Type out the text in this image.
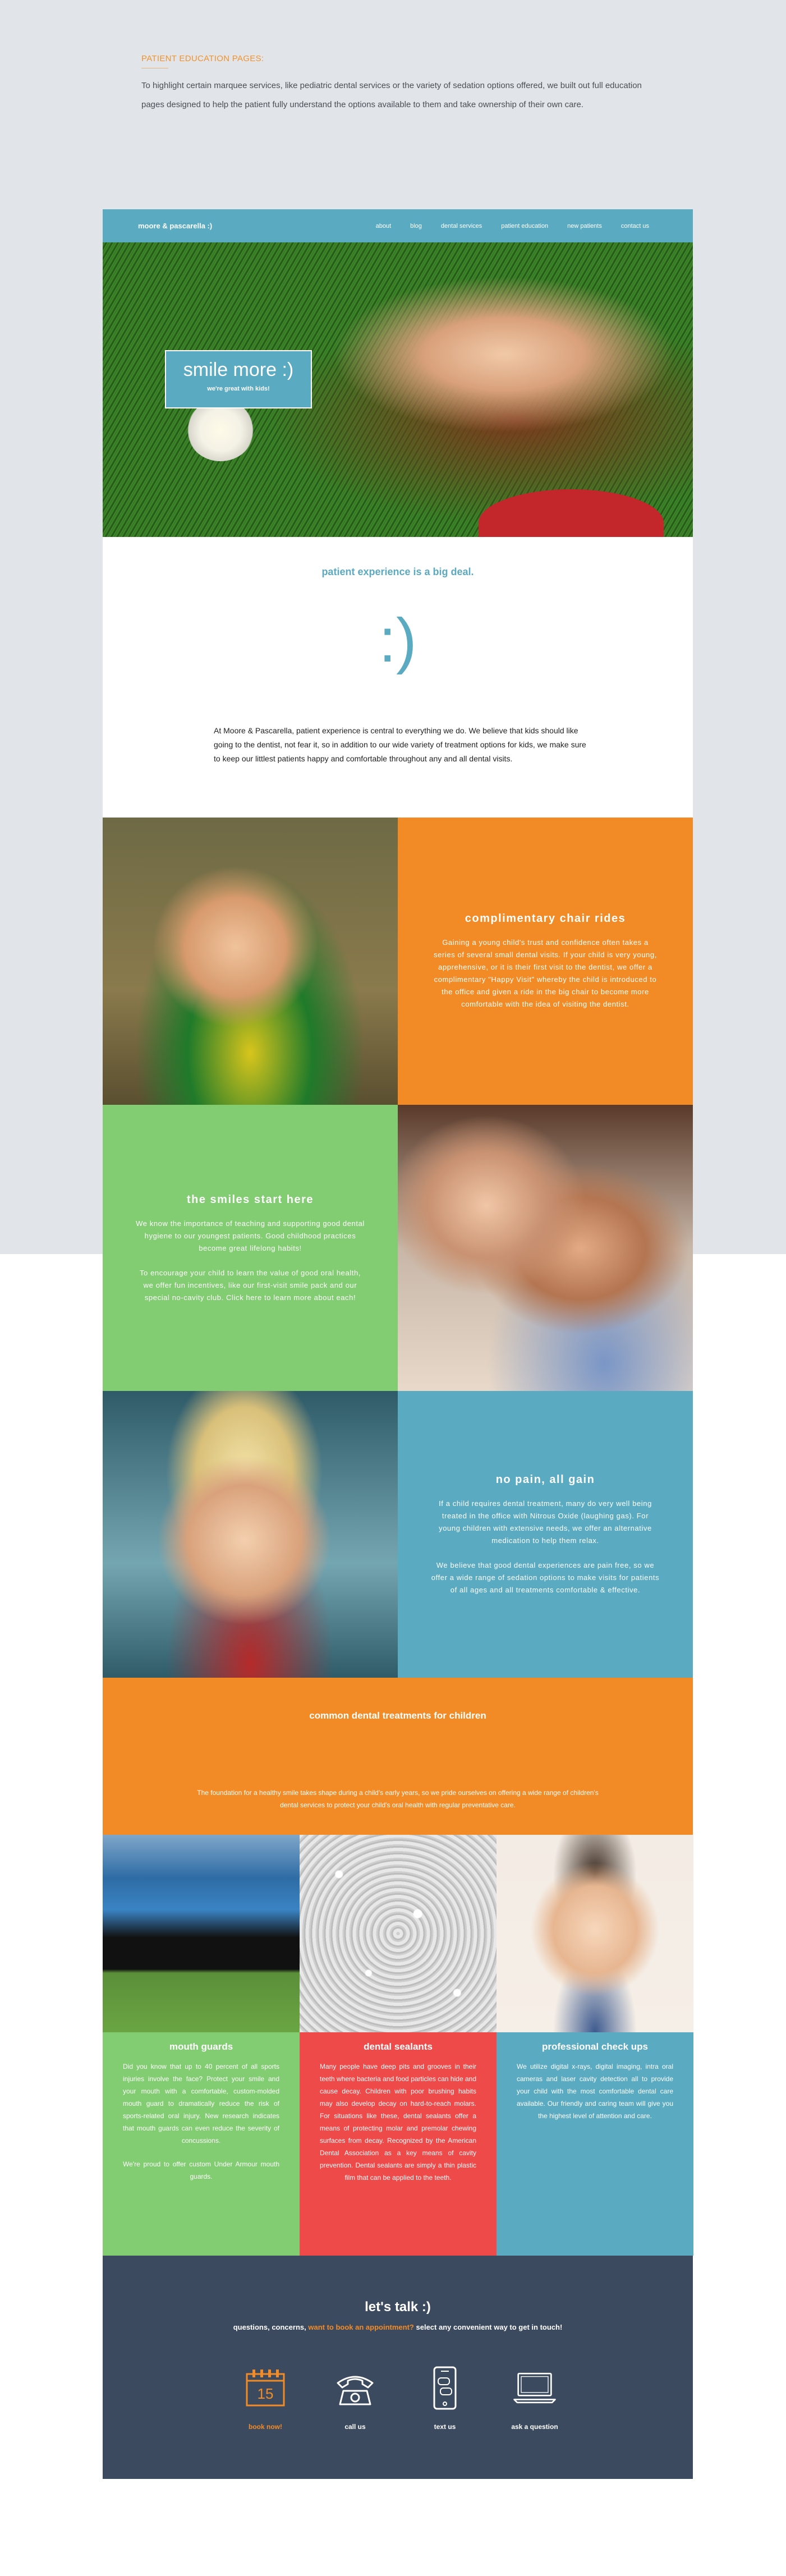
PATIENT EDUCATION PAGES:

To highlight certain marquee services, like pediatric dental services or the variety of sedation options offered, we built out full education pages designed to help the patient fully understand the options available to them and take ownership of their own care.

moore & pascarella :)	about	blog	dental services	patient education	new patients	contact us
smile more :)
we're great with kids!
patient experience is a big deal.
:)

At Moore & Pascarella, patient experience is central to everything we do. We believe that kids should like going to the dentist, not fear it, so in addition to our wide variety of treatment options for kids, we make sure to keep our littlest patients happy and comfortable throughout any and all dental visits.

complimentary chair rides

Gaining a young child's trust and confidence often takes a series of several small dental visits. If your child is very young, apprehensive, or it is their first visit to the dentist, we offer a complimentary "Happy Visit" whereby the child is introduced to the office and given a ride in the big chair to become more comfortable with the idea of visiting the dentist.

the smiles start here

We know the importance of teaching and supporting good dental hygiene to our youngest patients. Good childhood practices become great lifelong habits!

To encourage your child to learn the value of good oral health, we offer fun incentives, like our first-visit smile pack and our special no-cavity club. Click here to learn more about each!

no pain, all gain

If a child requires dental treatment, many do very well being treated in the office with Nitrous Oxide (laughing gas). For young children with extensive needs, we offer an alternative medication to help them relax.

We believe that good dental experiences are pain free, so we offer a wide range of sedation options to make visits for patients of all ages and all treatments comfortable & effective.

common dental treatments for children

The foundation for a healthy smile takes shape during a child's early years, so we pride ourselves on offering a wide range of children's dental services to protect your child's oral health with regular preventative care.

mouth guards

Did you know that up to 40 percent of all sports injuries involve the face? Protect your smile and your mouth with a comfortable, custom-molded mouth guard to dramatically reduce the risk of sports-related oral injury. New research indicates that mouth guards can even reduce the severity of concussions.

We're proud to offer custom Under Armour mouth guards.

dental sealants

Many people have deep pits and grooves in their teeth where bacteria and food particles can hide and cause decay. Children with poor brushing habits may also develop decay on hard-to-reach molars. For situations like these, dental sealants offer a means of protecting molar and premolar chewing surfaces from decay. Recognized by the American Dental Association as a key means of cavity prevention. Dental sealants are simply a thin plastic film that can be applied to the teeth.

professional check ups

We utilize digital x-rays, digital imaging, intra oral cameras and laser cavity detection all to provide your child with the most comfortable dental care available. Our friendly and caring team will give you the highest level of attention and care.

let's talk :)
questions, concerns, want to book an appointment? select any convenient way to get in touch!
15
book now!	call us	text us	ask a question
